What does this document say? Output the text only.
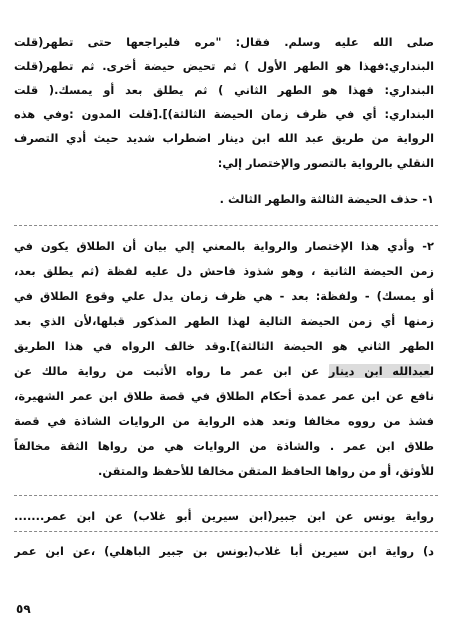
صلى الله عليه وسلم. فقال: "مره فليراجعها حتى تطهر(قلت
البنداري:فهذا هو الطهر الأول ) ثم تحيض حيضة أخرى. ثم تطهر(قلت
البنداري: فهذا هو الطهر الثاني ) ثم يطلق بعد أو يمسك.( قلت
البنداري: أي في ظرف زمان الحيضة الثالثة)].[قلت المدون :وفي هذه
الرواية من طريق عبد الله ابن دينار اضطراب شديد حيث أدي التصرف
النقلي بالرواية بالتصور والإختصار إلي:
١- حذف الحيضة الثالثة والطهر الثالث .
٢- وأدي هذا الإختصار والرواية بالمعني إلي بيان أن الطلاق يكون في
زمن الحيضة الثانية ، وهو شذوذ فاحش دل عليه لفظة (ثم يطلق بعد،
أو يمسك) - ولفظة: بعد - هي ظرف زمان يدل علي وقوع الطلاق في
زمنها أي زمن الحيضة التالية لهذا الطهر المذكور قبلها،لأن الذي بعد
الطهر الثاني هو الحيضة الثالثة)].وقد خالف الرواه في هذا الطريق
لعبدالله ابن دينار عن ابن عمر ما رواه الأثبت من رواية مالك عن
نافع عن ابن عمر عمدة أحكام الطلاق في قصة طلاق ابن عمر الشهيرة،
فشذ من رووه مخالفا وتعد هذه الرواية من الروايات الشاذة في قصة
طلاق ابن عمر . والشاذة من الروايات هي من رواها الثقة مخالفاً
للأوثق، أو من رواها الحافظ المتقن مخالفا للأحفظ والمتقن.
رواية يونس عن ابن جبير(ابن سيرين أبو غلاب) عن ابن عمر.......
د) رواية ابن سيرين أبا غلاب(يونس بن جبير الباهلي) ،عن ابن عمر
٥٩
